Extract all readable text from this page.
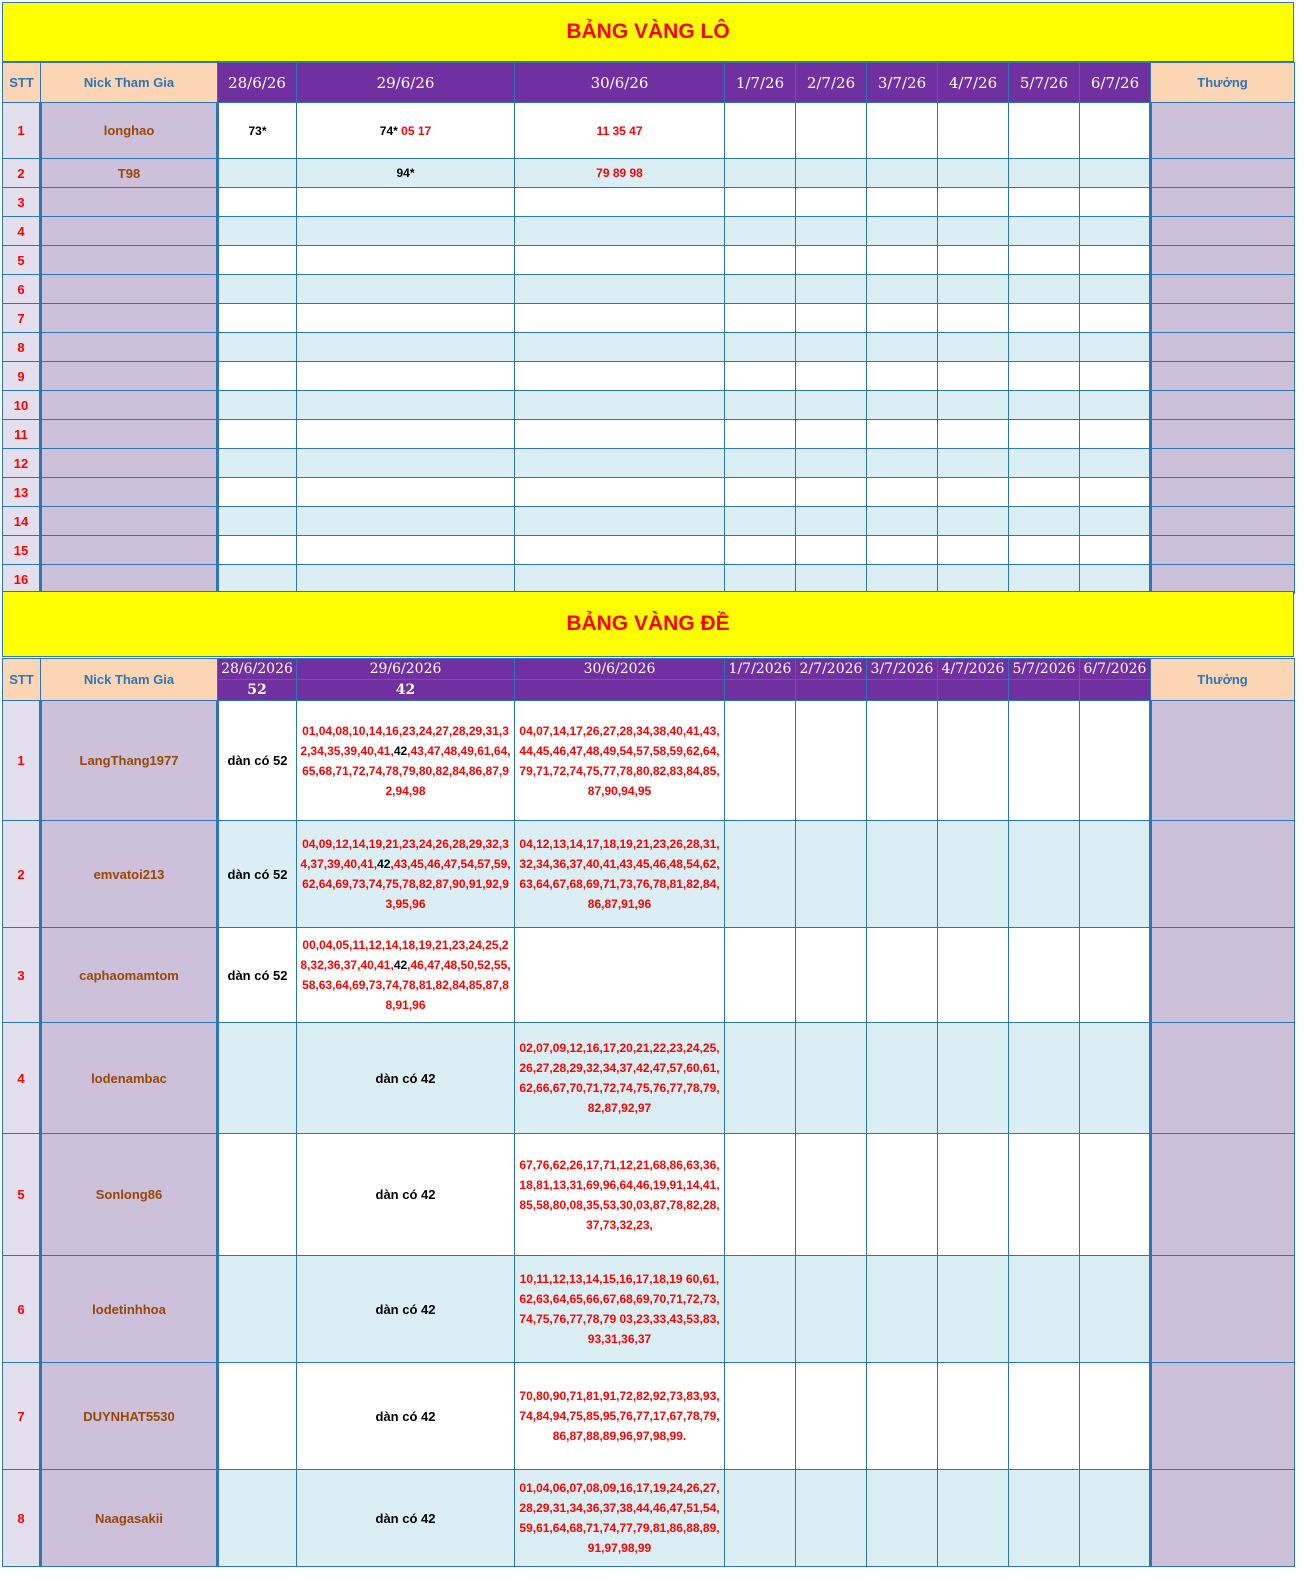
BẢNG VÀNG LÔ
STT	Nick Tham Gia	28/6/26	29/6/26	30/6/26	1/7/26	2/7/26	3/7/26	4/7/26	5/7/26	6/7/26	Thưởng
1	longhao	73*	74* 05 17	11 35 47							
2	T98		94*	79 89 98							
3											
4											
5											
6											
7											
8											
9											
10											
11											
12											
13											
14											
15											
16											
BẢNG VÀNG ĐỀ
STT	Nick Tham Gia	28/6/2026	29/6/2026	30/6/2026	1/7/2026	2/7/2026	3/7/2026	4/7/2026	5/7/2026	6/7/2026	Thưởng
		52	42								
1	LangThang1977	dàn có 52	01,04,08,10,14,16,23,24,27,28,29,31,32,34,35,39,40,41,42,43,47,48,49,61,64,65,68,71,72,74,78,79,80,82,84,86,87,92,94,98	04,07,14,17,26,27,28,34,38,40,41,43,44,45,46,47,48,49,54,57,58,59,62,64,79,71,72,74,75,77,78,80,82,83,84,85,87,90,94,95							

2	emvatoi213	dàn có 52	04,09,12,14,19,21,23,24,26,28,29,32,34,37,39,40,41,42,43,45,46,47,54,57,59,62,64,69,73,74,75,78,82,87,90,91,92,93,95,96	04,12,13,14,17,18,19,21,23,26,28,31,32,34,36,37,40,41,43,45,46,48,54,62,63,64,67,68,69,71,73,76,78,81,82,84,86,87,91,96							

3	caphaomamtom	dàn có 52	00,04,05,11,12,14,18,19,21,23,24,25,28,32,36,37,40,41,42,46,47,48,50,52,55,58,63,64,69,73,74,78,81,82,84,85,87,88,91,96								

4	lodenambac		dàn có 42	02,07,09,12,16,17,20,21,22,23,24,25,26,27,28,29,32,34,37,42,47,57,60,61,62,66,67,70,71,72,74,75,76,77,78,79,82,87,92,97							

5	Sonlong86		dàn có 42	67,76,62,26,17,71,12,21,68,86,63,36,18,81,13,31,69,96,64,46,19,91,14,41,85,58,80,08,35,53,30,03,87,78,82,28,37,73,32,23,							

6	lodetinhhoa		dàn có 42	10,11,12,13,14,15,16,17,18,19 60,61,62,63,64,65,66,67,68,69,70,71,72,73,74,75,76,77,78,79 03,23,33,43,53,83,93,31,36,37							

7	DUYNHAT5530		dàn có 42	70,80,90,71,81,91,72,82,92,73,83,93,74,84,94,75,85,95,76,77,17,67,78,79,86,87,88,89,96,97,98,99.							

8	Naagasakii		dàn có 42	01,04,06,07,08,09,16,17,19,24,26,27,28,29,31,34,36,37,38,44,46,47,51,54,59,61,64,68,71,74,77,79,81,86,88,89,91,97,98,99							
